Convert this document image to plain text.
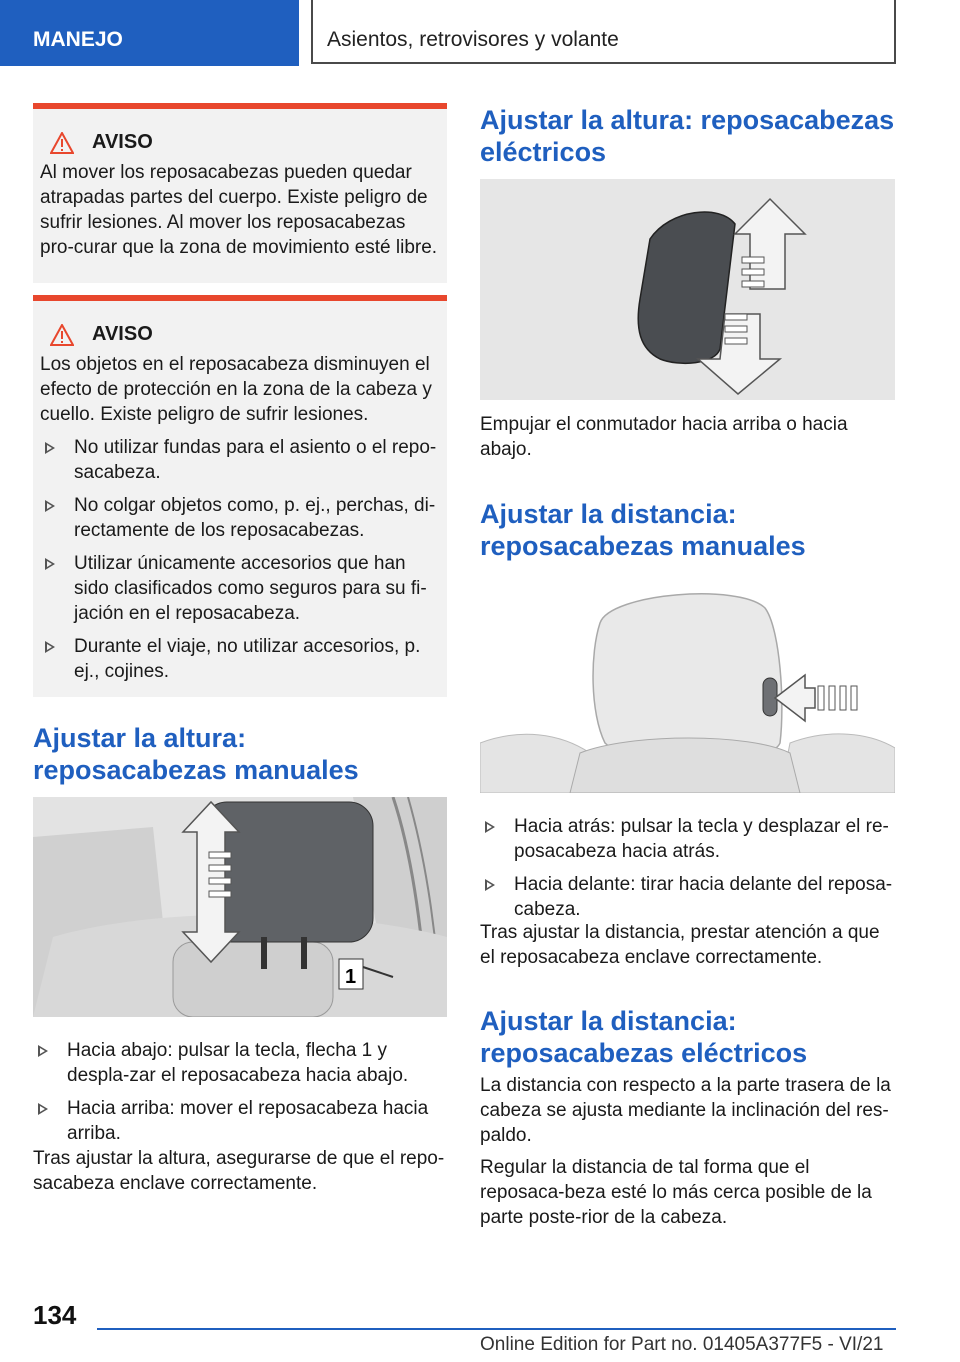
MANEJO	Asientos, retrovisores y volante
AVISO

Al mover los reposacabezas pueden quedar atrapadas partes del cuerpo. Existe peligro de sufrir lesiones. Al mover los reposacabezas pro-curar que la zona de movimiento esté libre.

AVISO

Los objetos en el reposacabeza disminuyen el efecto de protección en la zona de la cabeza y cuello. Existe peligro de sufrir lesiones.

No utilizar fundas para el asiento o el repo-sacabeza.
No colgar objetos como, p. ej., perchas, di-rectamente de los reposacabezas.
Utilizar únicamente accesorios que han sido clasificados como seguros para su fi-jación en el reposacabeza.
Durante el viaje, no utilizar accesorios, p. ej., cojines.
Ajustar la altura: reposacabezas manuales
1
Hacia abajo: pulsar la tecla, flecha 1 y despla-zar el reposacabeza hacia abajo.
Hacia arriba: mover el reposacabeza hacia arriba.

Tras ajustar la altura, asegurarse de que el repo-sacabeza enclave correctamente.

Ajustar la altura: reposacabezas eléctricos

Empujar el conmutador hacia arriba o hacia abajo.

Ajustar la distancia: reposacabezas manuales
Hacia atrás: pulsar la tecla y desplazar el re-posacabeza hacia atrás.
Hacia delante: tirar hacia delante del reposa-cabeza.

Tras ajustar la distancia, prestar atención a que el reposacabeza enclave correctamente.

Ajustar la distancia: reposacabezas eléctricos

La distancia con respecto a la parte trasera de la cabeza se ajusta mediante la inclinación del res-paldo.

Regular la distancia de tal forma que el reposaca-beza esté lo más cerca posible de la parte poste-rior de la cabeza.

134
Online Edition for Part no. 01405A377F5 - VI/21
